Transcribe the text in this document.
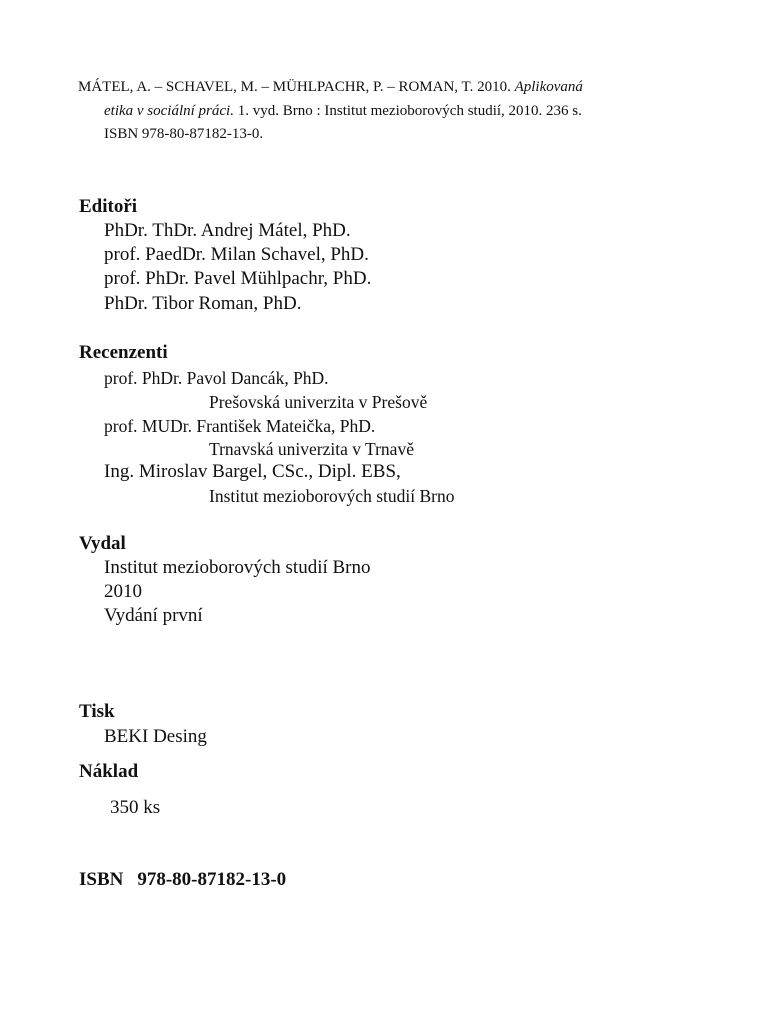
MÁTEL, A. – SCHAVEL, M. – MÜHLPACHR, P. – ROMAN, T. 2010. Aplikovaná
etika v sociální práci. 1. vyd. Brno : Institut mezioborových studií, 2010. 236 s.
ISBN 978-80-87182-13-0.
Editoři
PhDr. ThDr. Andrej Mátel, PhD.
prof. PaedDr. Milan Schavel, PhD.
prof. PhDr. Pavel Mühlpachr, PhD.
PhDr. Tibor Roman, PhD.
Recenzenti
prof. PhDr. Pavol Dancák, PhD.
Prešovská univerzita v Prešově
prof. MUDr. František Mateička, PhD.
Trnavská univerzita v Trnavě
Ing. Miroslav Bargel, CSc., Dipl. EBS,
Institut mezioborových studií Brno
Vydal
Institut mezioborových studií Brno
2010
Vydání první
Tisk
BEKI Desing
Náklad
350 ks
ISBN 978-80-87182-13-0
